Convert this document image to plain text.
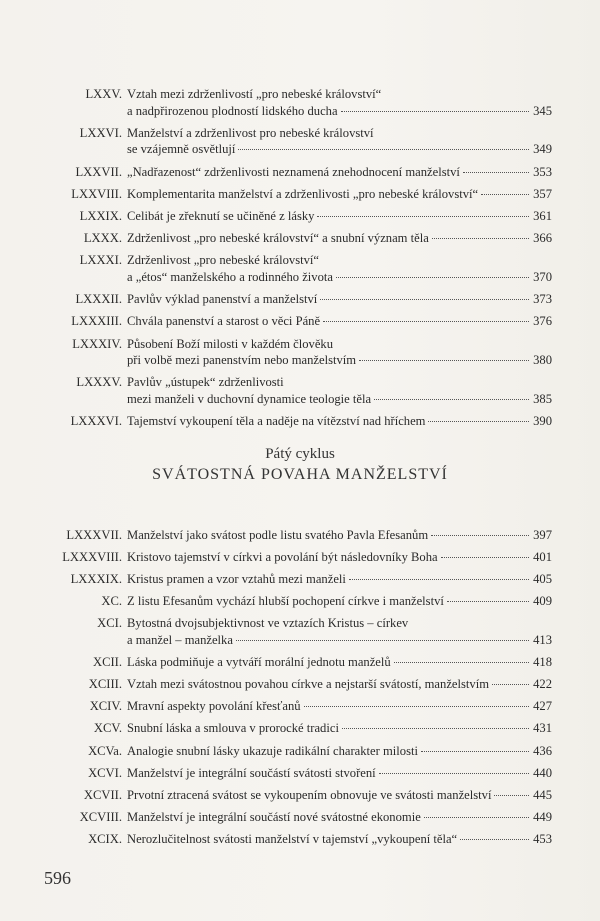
LXXV. Vztah mezi zdrženlivostí „pro nebeské království“
a nadpřirozenou plodností lidského ducha	345
LXXVI. Manželství a zdrženlivost pro nebeské království
se vzájemně osvětlují	349
LXXVII. „Nadřazenost“ zdrženlivosti neznamená znehodnocení manželství	353
LXXVIII. Komplementarita manželství a zdrženlivosti „pro nebeské království“	357
LXXIX. Celibát je zřeknutí se učiněné z lásky	361
LXXX. Zdrženlivost „pro nebeské království“ a snubní význam těla	366
LXXXI. Zdrženlivost „pro nebeské království“
a „étos“ manželského a rodinného života	370
LXXXII. Pavlův výklad panenství a manželství	373
LXXXIII. Chvála panenství a starost o věci Páně	376
LXXXIV. Působení Boží milosti v každém člověku
při volbě mezi panenstvím nebo manželstvím	380
LXXXV. Pavlův „ústupek“ zdrženlivosti
mezi manželi v duchovní dynamice teologie těla	385
LXXXVI. Tajemství vykoupení těla a naděje na vítězství nad hříchem	390
Pátý cyklus
SVÁTOSTNÁ POVAHA MANŽELSTVÍ
LXXXVII. Manželství jako svátost podle listu svatého Pavla Efesanům	397
LXXXVIII. Kristovo tajemství v církvi a povolání být následovníky Boha	401
LXXXIX. Kristus pramen a vzor vztahů mezi manželi	405
XC. Z listu Efesanům vychází hlubší pochopení církve i manželství	409
XCI. Bytostná dvojsubjektivnost ve vztazích Kristus – církev
a manžel – manželka	413
XCII. Láska podmiňuje a vytváří morální jednotu manželů	418
XCIII. Vztah mezi svátostnou povahou církve a nejstarší svátostí, manželstvím	422
XCIV. Mravní aspekty povolání křesťanů	427
XCV. Snubní láska a smlouva v prorocké tradici	431
XCVa. Analogie snubní lásky ukazuje radikální charakter milosti	436
XCVI. Manželství je integrální součástí svátosti stvoření	440
XCVII. Prvotní ztracená svátost se vykoupením obnovuje ve svátosti manželství	445
XCVIII. Manželství je integrální součástí nové svátostné ekonomie	449
XCIX. Nerozlučitelnost svátosti manželství v tajemství „vykoupení těla“	453
596
